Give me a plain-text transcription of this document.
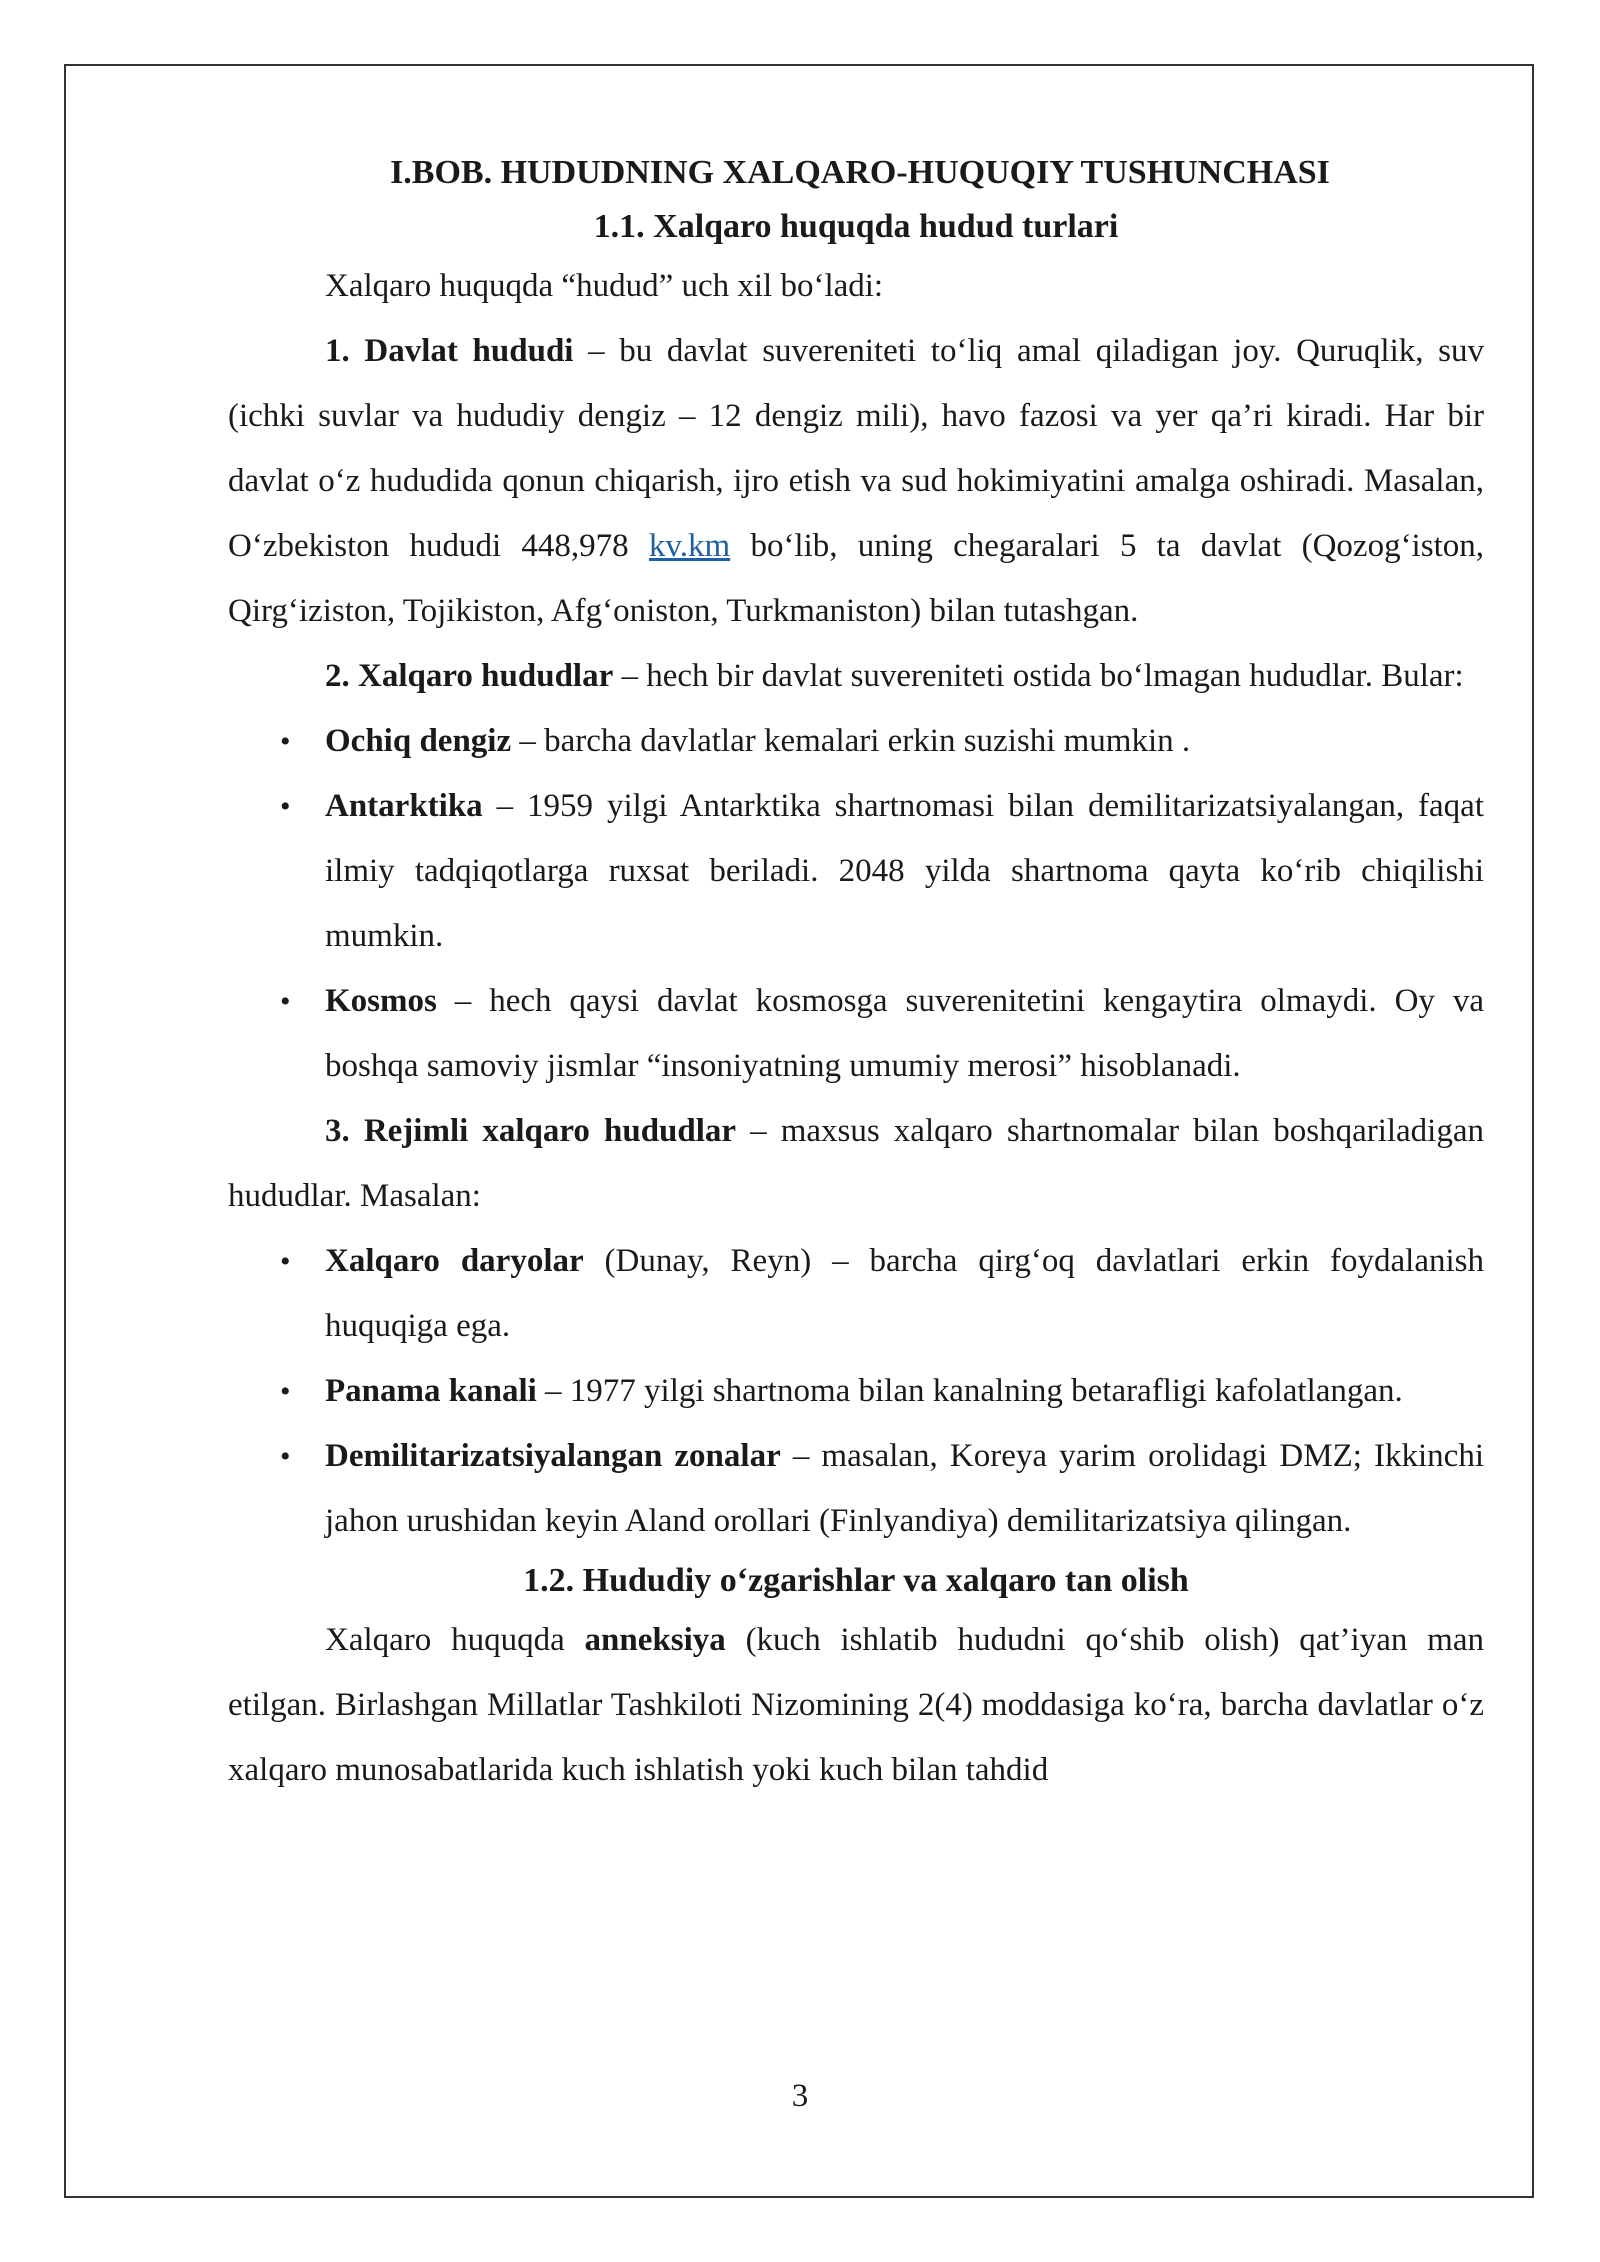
I.BOB. HUDUDNING XALQARO-HUQUQIY TUSHUNCHASI
1.1. Xalqaro huquqda hudud turlari

Xalqaro huquqda “hudud” uch xil bo‘ladi:

1. Davlat hududi – bu davlat suvereniteti to‘liq amal qiladigan joy. Quruqlik, suv (ichki suvlar va hududiy dengiz – 12 dengiz mili), havo fazosi va yer qa’ri kiradi. Har bir davlat o‘z hududida qonun chiqarish, ijro etish va sud hokimiyatini amalga oshiradi. Masalan, O‘zbekiston hududi 448,978 kv.km bo‘lib, uning chegaralari 5 ta davlat (Qozog‘iston, Qirg‘iziston, Tojikiston, Afg‘oniston, Turkmaniston) bilan tutashgan.

2. Xalqaro hududlar – hech bir davlat suvereniteti ostida bo‘lmagan hududlar. Bular:

• Ochiq dengiz – barcha davlatlar kemalari erkin suzishi mumkin .
• Antarktika – 1959 yilgi Antarktika shartnomasi bilan demilitarizatsiyalangan, faqat ilmiy tadqiqotlarga ruxsat beriladi. 2048 yilda shartnoma qayta ko‘rib chiqilishi mumkin.
• Kosmos – hech qaysi davlat kosmosga suverenitetini kengaytira olmaydi. Oy va boshqa samoviy jismlar “insoniyatning umumiy merosi” hisoblanadi.

3. Rejimli xalqaro hududlar – maxsus xalqaro shartnomalar bilan boshqariladigan hududlar. Masalan:

• Xalqaro daryolar (Dunay, Reyn) – barcha qirg‘oq davlatlari erkin foydalanish huquqiga ega.
• Panama kanali – 1977 yilgi shartnoma bilan kanalning betarafligi kafolatlangan.
• Demilitarizatsiyalangan zonalar – masalan, Koreya yarim orolidagi DMZ; Ikkinchi jahon urushidan keyin Aland orollari (Finlyandiya) demilitarizatsiya qilingan.
1.2. Hududiy o‘zgarishlar va xalqaro tan olish

Xalqaro huquqda anneksiya (kuch ishlatib hududni qo‘shib olish) qat’iyan man etilgan. Birlashgan Millatlar Tashkiloti Nizomining 2(4) moddasiga ko‘ra, barcha davlatlar o‘z xalqaro munosabatlarida kuch ishlatish yoki kuch bilan tahdid

3
